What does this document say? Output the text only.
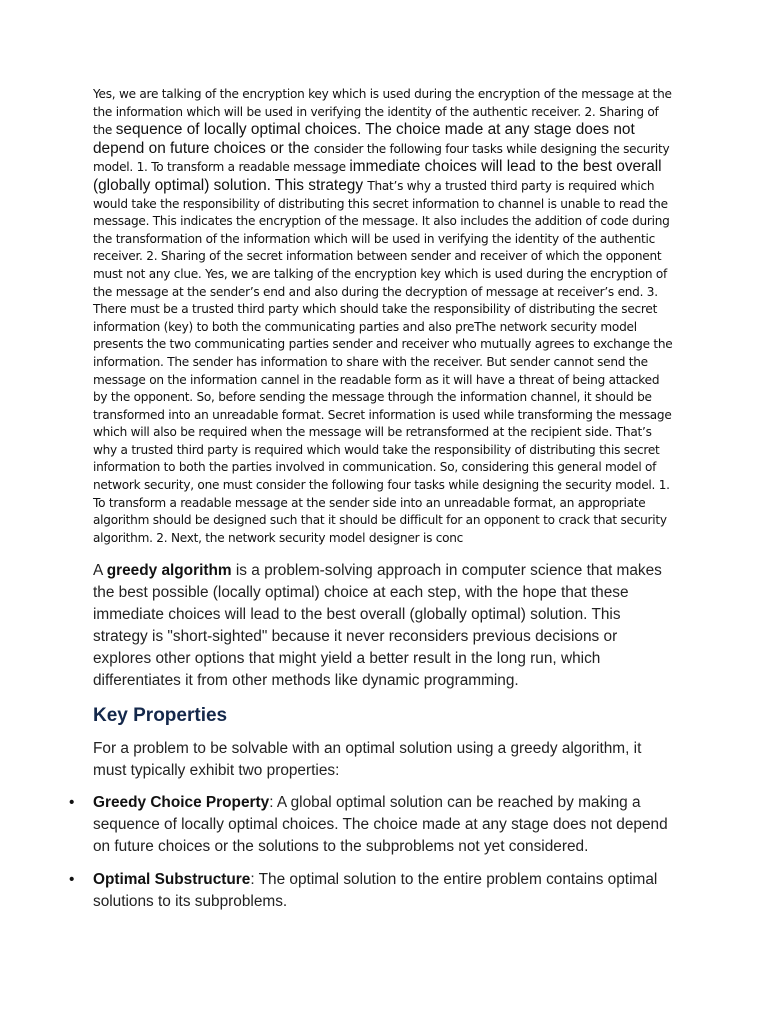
Yes, we are talking of the encryption key which is used during the encryption of the message at the the information which will be used in verifying the identity of the authentic receiver. 2. Sharing of the sequence of locally optimal choices. The choice made at any stage does not depend on future choices or the consider the following four tasks while designing the security model. 1. To transform a readable message immediate choices will lead to the best overall (globally optimal) solution. This strategy That’s why a trusted third party is required which would take the responsibility of distributing this secret information to channel is unable to read the message. This indicates the encryption of the message. It also includes the addition of code during the transformation of the information which will be used in verifying the identity of the authentic receiver. 2. Sharing of the secret information between sender and receiver of which the opponent must not any clue. Yes, we are talking of the encryption key which is used during the encryption of the message at the sender’s end and also during the decryption of message at receiver’s end. 3. There must be a trusted third party which should take the responsibility of distributing the secret information (key) to both the communicating parties and also preThe network security model presents the two communicating parties sender and receiver who mutually agrees to exchange the information. The sender has information to share with the receiver. But sender cannot send the message on the information cannel in the readable form as it will have a threat of being attacked by the opponent. So, before sending the message through the information channel, it should be transformed into an unreadable format. Secret information is used while transforming the message which will also be required when the message will be retransformed at the recipient side. That’s why a trusted third party is required which would take the responsibility of distributing this secret information to both the parties involved in communication. So, considering this general model of network security, one must consider the following four tasks while designing the security model. 1. To transform a readable message at the sender side into an unreadable format, an appropriate algorithm should be designed such that it should be difficult for an opponent to crack that security algorithm. 2. Next, the network security model designer is conc

A greedy algorithm is a problem-solving approach in computer science that makes the best possible (locally optimal) choice at each step, with the hope that these immediate choices will lead to the best overall (globally optimal) solution. This strategy is "short-sighted" because it never reconsiders previous decisions or explores other options that might yield a better result in the long run, which differentiates it from other methods like dynamic programming.

Key Properties

For a problem to be solvable with an optimal solution using a greedy algorithm, it must typically exhibit two properties:

• Greedy Choice Property: A global optimal solution can be reached by making a sequence of locally optimal choices. The choice made at any stage does not depend on future choices or the solutions to the subproblems not yet considered.

• Optimal Substructure: The optimal solution to the entire problem contains optimal solutions to its subproblems.
